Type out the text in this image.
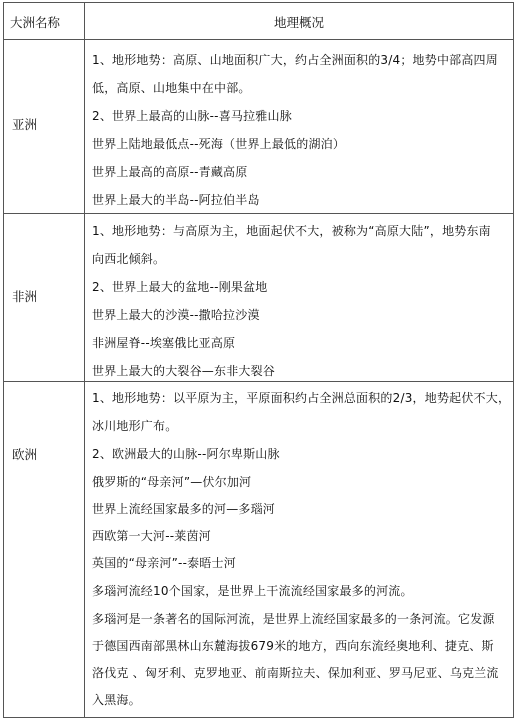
大洲名称	地理概况
亚洲
1、地形地势：高原、山地面积广大，约占全洲面积的3/4；地势中部高四周
低，高原、山地集中在中部。
2、世界上最高的山脉--喜马拉雅山脉
世界上陆地最低点--死海（世界上最低的湖泊）
世界上最高的高原--青藏高原
世界上最大的半岛--阿拉伯半岛
非洲
1、地形地势：与高原为主，地面起伏不大，被称为“高原大陆”，地势东南
向西北倾斜。
2、世界上最大的盆地--刚果盆地
世界上最大的沙漠--撒哈拉沙漠
非洲屋脊--埃塞俄比亚高原
世界上最大的大裂谷—东非大裂谷
欧洲
1、地形地势：以平原为主，平原面积约占全洲总面积的2/3，地势起伏不大，
冰川地形广布。
2、欧洲最大的山脉--阿尔卑斯山脉
俄罗斯的“母亲河”—伏尔加河
世界上流经国家最多的河—多瑙河
西欧第一大河--莱茵河
英国的“母亲河”--泰晤士河
多瑙河流经10个国家，是世界上干流流经国家最多的河流。
多瑙河是一条著名的国际河流，是世界上流经国家最多的一条河流。它发源
于德国西南部黑林山东麓海拔679米的地方，西向东流经奥地利、捷克、斯
洛伐克 、匈牙利、克罗地亚、前南斯拉夫、保加利亚、罗马尼亚、乌克兰流
入黑海。
